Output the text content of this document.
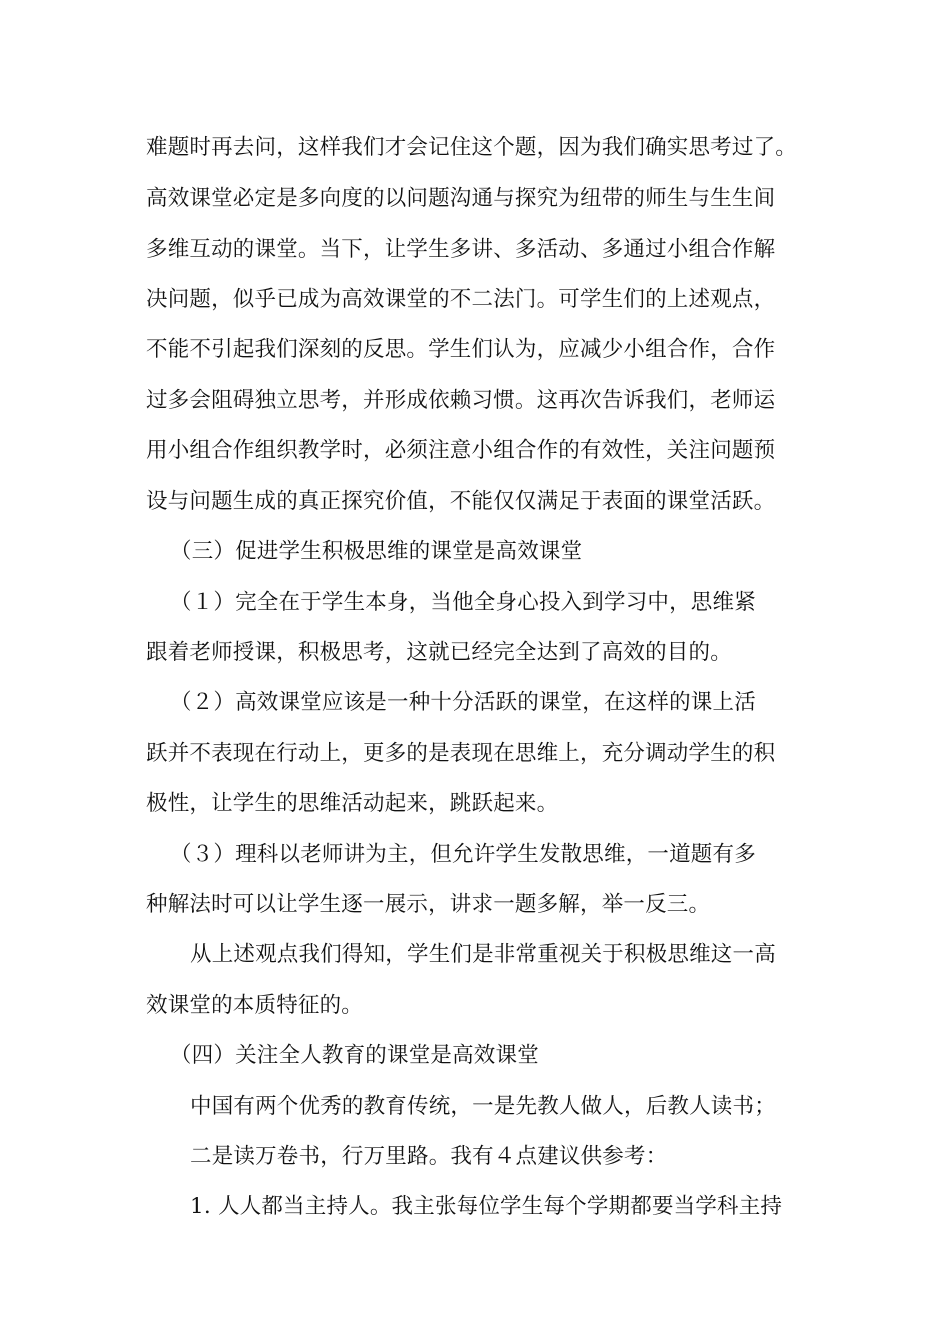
难题时再去问，这样我们才会记住这个题，因为我们确实思考过了。
高效课堂必定是多向度的以问题沟通与探究为纽带的师生与生生间
多维互动的课堂。当下，让学生多讲、多活动、多通过小组合作解
决问题，似乎已成为高效课堂的不二法门。可学生们的上述观点，
不能不引起我们深刻的反思。学生们认为，应减少小组合作，合作
过多会阻碍独立思考，并形成依赖习惯。这再次告诉我们，老师运
用小组合作组织教学时，必须注意小组合作的有效性，关注问题预
设与问题生成的真正探究价值，不能仅仅满足于表面的课堂活跃。
（三）促进学生积极思维的课堂是高效课堂
（１）完全在于学生本身，当他全身心投入到学习中，思维紧
跟着老师授课，积极思考，这就已经完全达到了高效的目的。
（２）高效课堂应该是一种十分活跃的课堂，在这样的课上活
跃并不表现在行动上，更多的是表现在思维上，充分调动学生的积
极性，让学生的思维活动起来，跳跃起来。
（３）理科以老师讲为主，但允许学生发散思维，一道题有多
种解法时可以让学生逐一展示，讲求一题多解，举一反三。
从上述观点我们得知，学生们是非常重视关于积极思维这一高
效课堂的本质特征的。
（四）关注全人教育的课堂是高效课堂
中国有两个优秀的教育传统，一是先教人做人，后教人读书；
二是读万卷书，行万里路。我有４点建议供参考：
1. 人人都当主持人。我主张每位学生每个学期都要当学科主持
